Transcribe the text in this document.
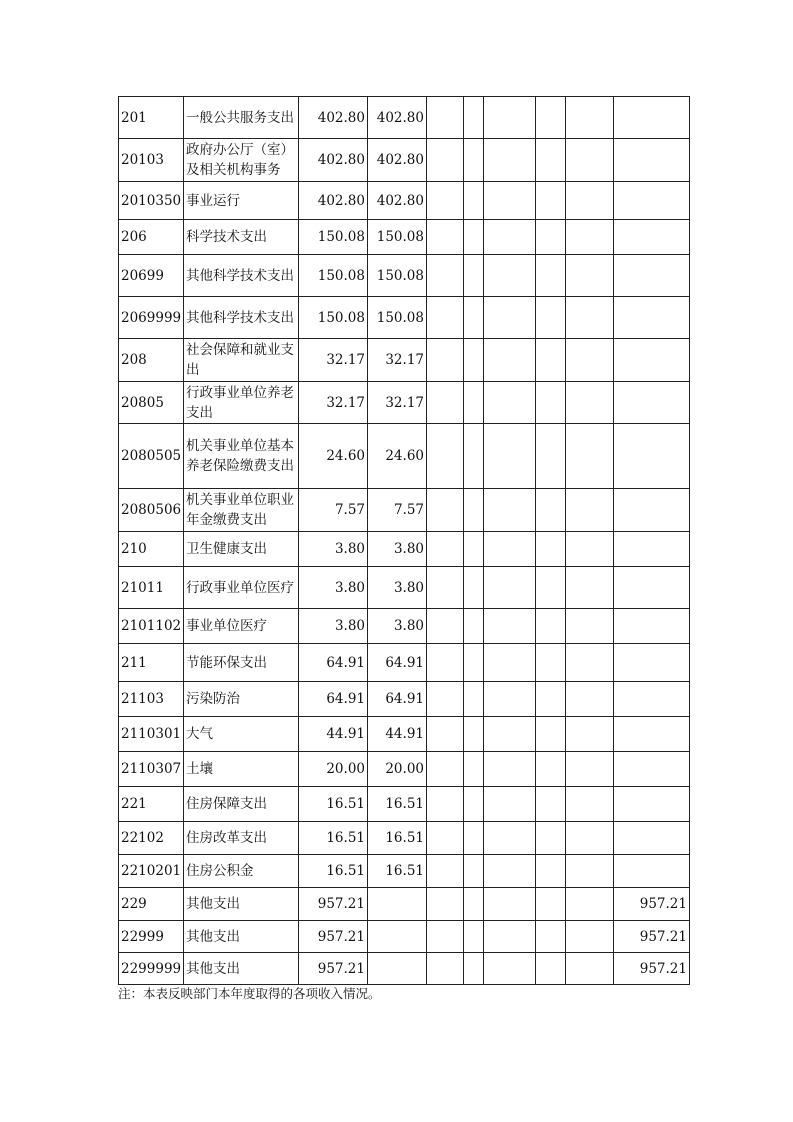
201	一般公共服务支出	402.80	402.80						
20103	政府办公厅（室）及相关机构事务	402.80	402.80						
2010350	事业运行	402.80	402.80						
206	科学技术支出	150.08	150.08						
20699	其他科学技术支出	150.08	150.08						
2069999	其他科学技术支出	150.08	150.08						
208	社会保障和就业支出	32.17	32.17						
20805	行政事业单位养老支出	32.17	32.17						
2080505	机关事业单位基本养老保险缴费支出	24.60	24.60						
2080506	机关事业单位职业年金缴费支出	7.57	7.57						
210	卫生健康支出	3.80	3.80						
21011	行政事业单位医疗	3.80	3.80						
2101102	事业单位医疗	3.80	3.80						
211	节能环保支出	64.91	64.91						
21103	污染防治	64.91	64.91						
2110301	大气	44.91	44.91						
2110307	土壤	20.00	20.00						
221	住房保障支出	16.51	16.51						
22102	住房改革支出	16.51	16.51						
2210201	住房公积金	16.51	16.51						
229	其他支出	957.21							957.21
22999	其他支出	957.21							957.21
2299999	其他支出	957.21							957.21
注：本表反映部门本年度取得的各项收入情况。
